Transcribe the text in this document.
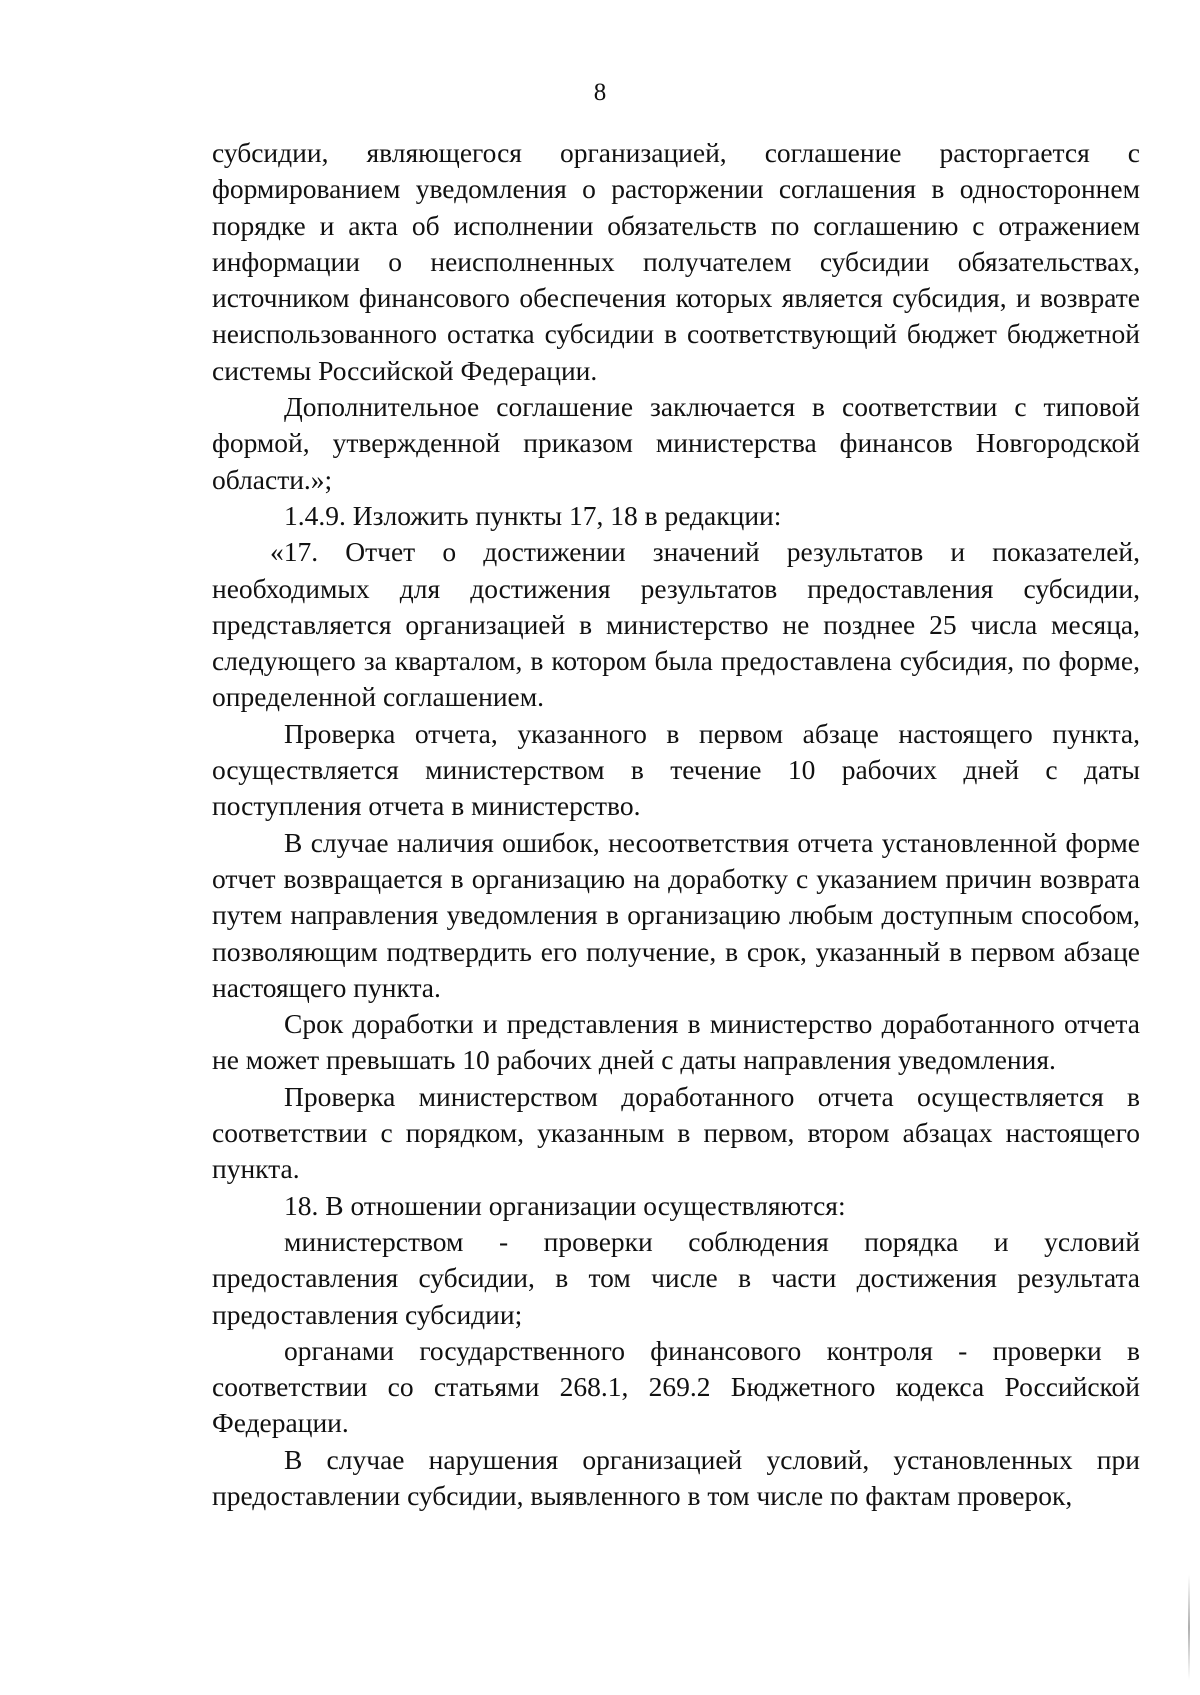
8

субсидии, являющегося организацией, соглашение расторгается с формированием уведомления о расторжении соглашения в одностороннем порядке и акта об исполнении обязательств по соглашению с отражением информации о неисполненных получателем субсидии обязательствах, источником финансового обеспечения которых является субсидия, и возврате неиспользованного остатка субсидии в соответствующий бюджет бюджетной системы Российской Федерации.

Дополнительное соглашение заключается в соответствии с типовой формой, утвержденной приказом министерства финансов Новгородской области.»;

1.4.9. Изложить пункты 17, 18 в редакции:

«17. Отчет о достижении значений результатов и показателей, необходимых для достижения результатов предоставления субсидии, представляется организацией в министерство не позднее 25 числа месяца, следующего за кварталом, в котором была предоставлена субсидия, по форме, определенной соглашением.

Проверка отчета, указанного в первом абзаце настоящего пункта, осуществляется министерством в течение 10 рабочих дней с даты поступления отчета в министерство.

В случае наличия ошибок, несоответствия отчета установленной форме отчет возвращается в организацию на доработку с указанием причин возврата путем направления уведомления в организацию любым доступным способом, позволяющим подтвердить его получение, в срок, указанный в первом абзаце настоящего пункта.

Срок доработки и представления в министерство доработанного отчета не может превышать 10 рабочих дней с даты направления уведомления.

Проверка министерством доработанного отчета осуществляется в соответствии с порядком, указанным в первом, втором абзацах настоящего пункта.

18. В отношении организации осуществляются:

министерством - проверки соблюдения порядка и условий предоставления субсидии, в том числе в части достижения результата предоставления субсидии;

органами государственного финансового контроля - проверки в соответствии со статьями 268.1, 269.2 Бюджетного кодекса Российской Федерации.

В случае нарушения организацией условий, установленных при предоставлении субсидии, выявленного в том числе по фактам проверок,
